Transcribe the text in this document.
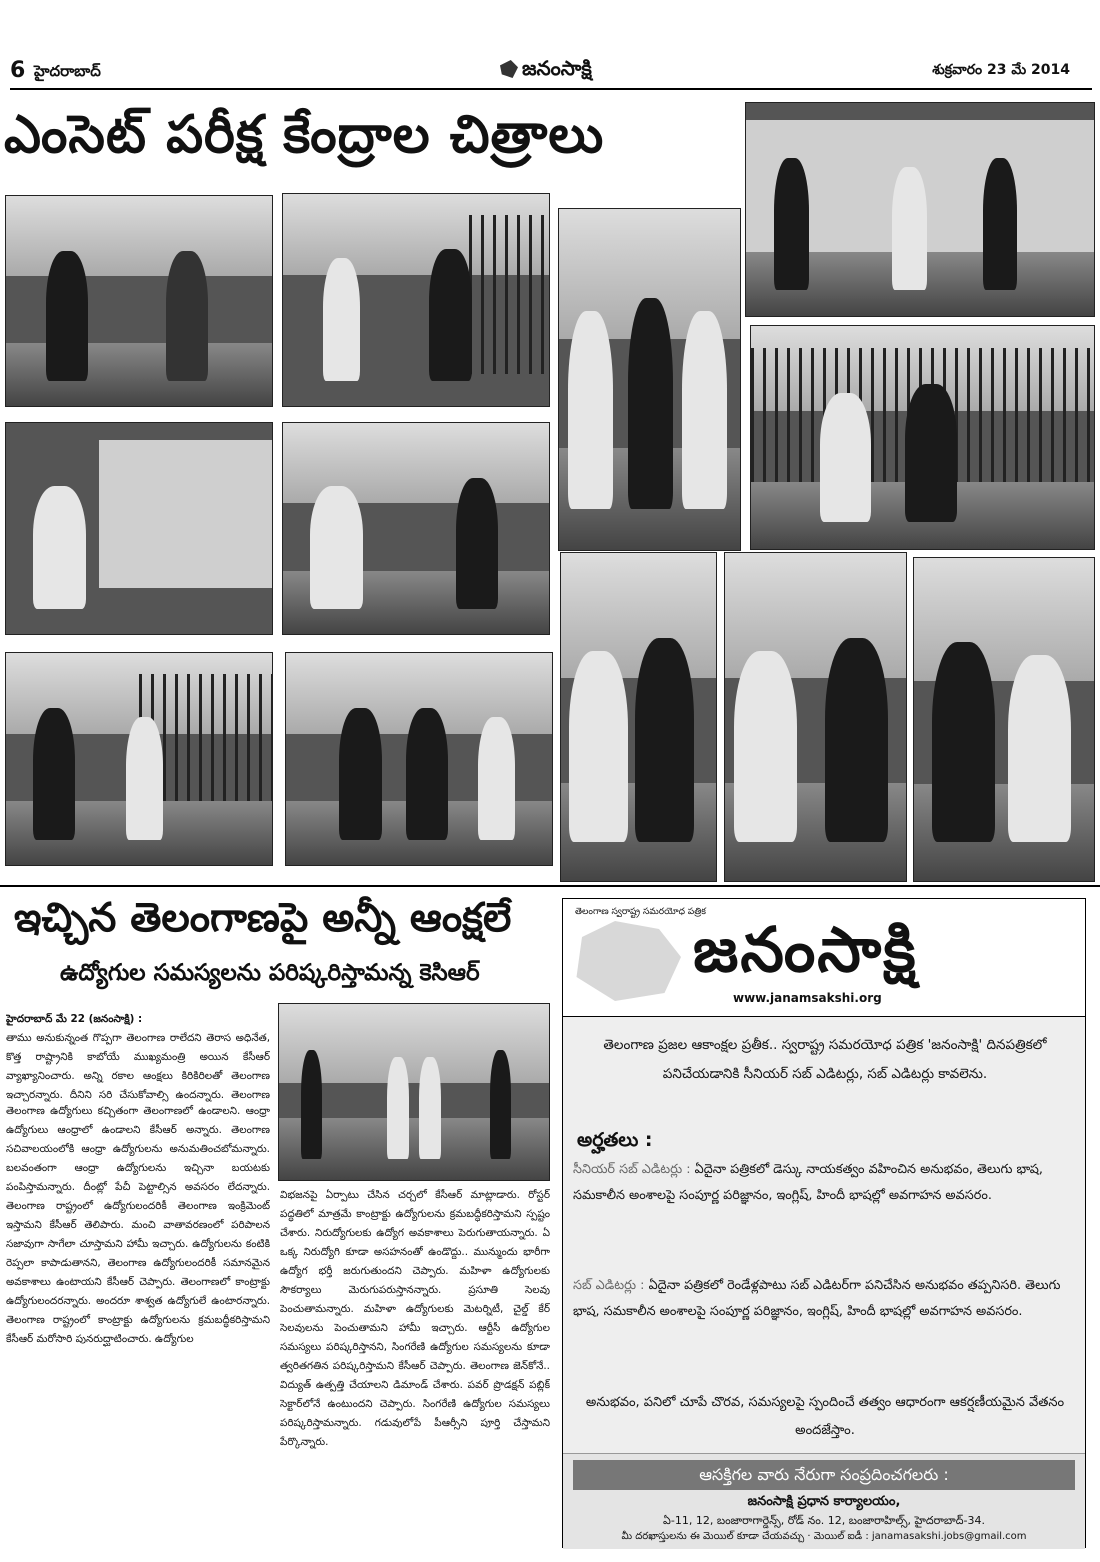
6 హైదరాబాద్	జనంసాక్షి	శుక్రవారం 23 మే 2014
ఎంసెట్ పరీక్ష కేంద్రాల చిత్రాలు
ఇచ్చిన తెలంగాణపై అన్నీ ఆంక్షలే
ఉద్యోగుల సమస్యలను పరిష్కరిస్తామన్న కెసిఆర్
హైదరాబాద్ మే 22 (జనంసాక్షి) :
తాము అనుకున్నంత గొప్పగా తెలంగాణ రాలేదని తెరాస అధినేత, కొత్త రాష్ట్రానికి కాబోయే ముఖ్యమంత్రి అయిన కేసీఆర్ వ్యాఖ్యానించారు. అన్ని రకాల ఆంక్షలు కిరికిరిలతో తెలంగాణ ఇచ్చారన్నారు. దీనిని సరి చేసుకోవాల్సి ఉందన్నారు. తెలంగాణ
తెలంగాణ ఉద్యోగులు కచ్చితంగా తెలంగాణలో ఉండాలని. ఆంధ్రా ఉద్యోగులు ఆంధ్రాలో ఉండాలని కేసీఆర్ అన్నారు. తెలంగాణ సచివాలయంలోకి ఆంధ్రా ఉద్యోగులను అనుమతించబోమన్నారు. బలవంతంగా ఆంధ్రా ఉద్యోగులను ఇచ్చినా బయటకు పంపిస్తామన్నారు. దీంట్లో పేచీ పెట్టాల్సిన అవసరం లేదన్నారు. తెలంగాణ రాష్ట్రంలో ఉద్యోగులందరికీ తెలంగాణ ఇంక్రిమెంట్ ఇస్తామని కేసీఆర్ తెలిపారు. మంచి వాతావరణంలో పరిపాలన సజావుగా సాగేలా చూస్తామని హామీ ఇచ్చారు. ఉద్యోగులను కంటికి రెప్పలా కాపాడుతానని, తెలంగాణ ఉద్యోగులందరికీ సమానమైన అవకాశాలు ఉంటాయని కేసీఆర్ చెప్పారు. తెలంగాణలో కాంట్రాక్టు ఉద్యోగులందరన్నారు. అందరూ శాశ్వత ఉద్యోగులే ఉంటారన్నారు. తెలంగాణ రాష్ట్రంలో కాంట్రాక్టు ఉద్యోగులను క్రమబద్ధీకరిస్తామని కేసీఆర్ మరోసారి పునరుద్ఘాటించారు. ఉద్యోగుల
విభజనపై ఏర్పాటు చేసిన చర్చలో కేసీఆర్ మాట్లాడారు. రోస్టర్ పద్ధతిలో మాత్రమే కాంట్రాక్టు ఉద్యోగులను క్రమబద్ధీకరిస్తామని స్పష్టం చేశారు. నిరుద్యోగులకు ఉద్యోగ అవకాశాలు పెరుగుతాయన్నారు. ఏ ఒక్క నిరుద్యోగి కూడా అసహనంతో ఉండొద్దు.. మున్ముందు భారీగా ఉద్యోగ భర్తీ జరుగుతుందని చెప్పారు. మహిళా ఉద్యోగులకు సౌకర్యాలు మెరుగుపరుస్తానన్నారు. ప్రసూతి సెలవు పెంచుతామన్నారు. మహిళా ఉద్యోగులకు మెటర్నిటీ, చైల్డ్ కేర్ సెలవులను పెంచుతామని హామీ ఇచ్చారు. ఆర్టీసీ ఉద్యోగుల సమస్యలు పరిష్కరిస్తానని, సింగరేణి ఉద్యోగుల సమస్యలను కూడా త్వరితగతిన పరిష్కరిస్తామని కేసీఆర్ చెప్పారు. తెలంగాణ జెన్‌కోనే.. విద్యుత్ ఉత్పత్తి చేయాలని డిమాండ్ చేశారు. పవర్ ప్రొడక్షన్ పబ్లిక్ సెక్టార్‌లోనే ఉంటుందని చెప్పారు. సింగరేణి ఉద్యోగుల సమస్యలు పరిష్కరిస్తామన్నారు. గడువులోపే పీఆర్సీని పూర్తి చేస్తామని పేర్కొన్నారు.
తెలంగాణ స్వరాష్ట్ర సమరయోధ పత్రిక
జనంసాక్షి
www.janamsakshi.org
తెలంగాణ ప్రజల ఆకాంక్షల ప్రతీక.. స్వరాష్ట్ర సమరయోధ పత్రిక 'జనంసాక్షి' దినపత్రికలో పనిచేయడానికి సీనియర్ సబ్ ఎడిటర్లు, సబ్ ఎడిటర్లు కావలెను.
అర్హతలు :
సీనియర్ సబ్ ఎడిటర్లు : ఏదైనా పత్రికలో డెస్కు నాయకత్వం వహించిన అనుభవం, తెలుగు భాష, సమకాలీన అంశాలపై సంపూర్ణ పరిజ్ఞానం, ఇంగ్లిష్, హిందీ భాషల్లో అవగాహన అవసరం.
సబ్ ఎడిటర్లు : ఏదైనా పత్రికలో రెండేళ్లపాటు సబ్ ఎడిటర్‌గా పనిచేసిన అనుభవం తప్పనిసరి. తెలుగు భాష, సమకాలీన అంశాలపై సంపూర్ణ పరిజ్ఞానం, ఇంగ్లిష్, హిందీ భాషల్లో అవగాహన అవసరం.
అనుభవం, పనిలో చూపే చొరవ, సమస్యలపై స్పందించే తత్వం ఆధారంగా ఆకర్షణీయమైన వేతనం అందజేస్తాం.
ఆసక్తిగల వారు నేరుగా సంప్రదించగలరు :
జనంసాక్షి ప్రధాన కార్యాలయం,
ఏ-11, 12, బంజారాగార్డెన్స్, రోడ్ నం. 12, బంజారాహిల్స్, హైదరాబాద్-34.
మీ దరఖాస్తులను ఈ మెయిల్ కూడా చేయవచ్చు · మెయిల్ ఐడీ : janamasakshi.jobs@gmail.com
